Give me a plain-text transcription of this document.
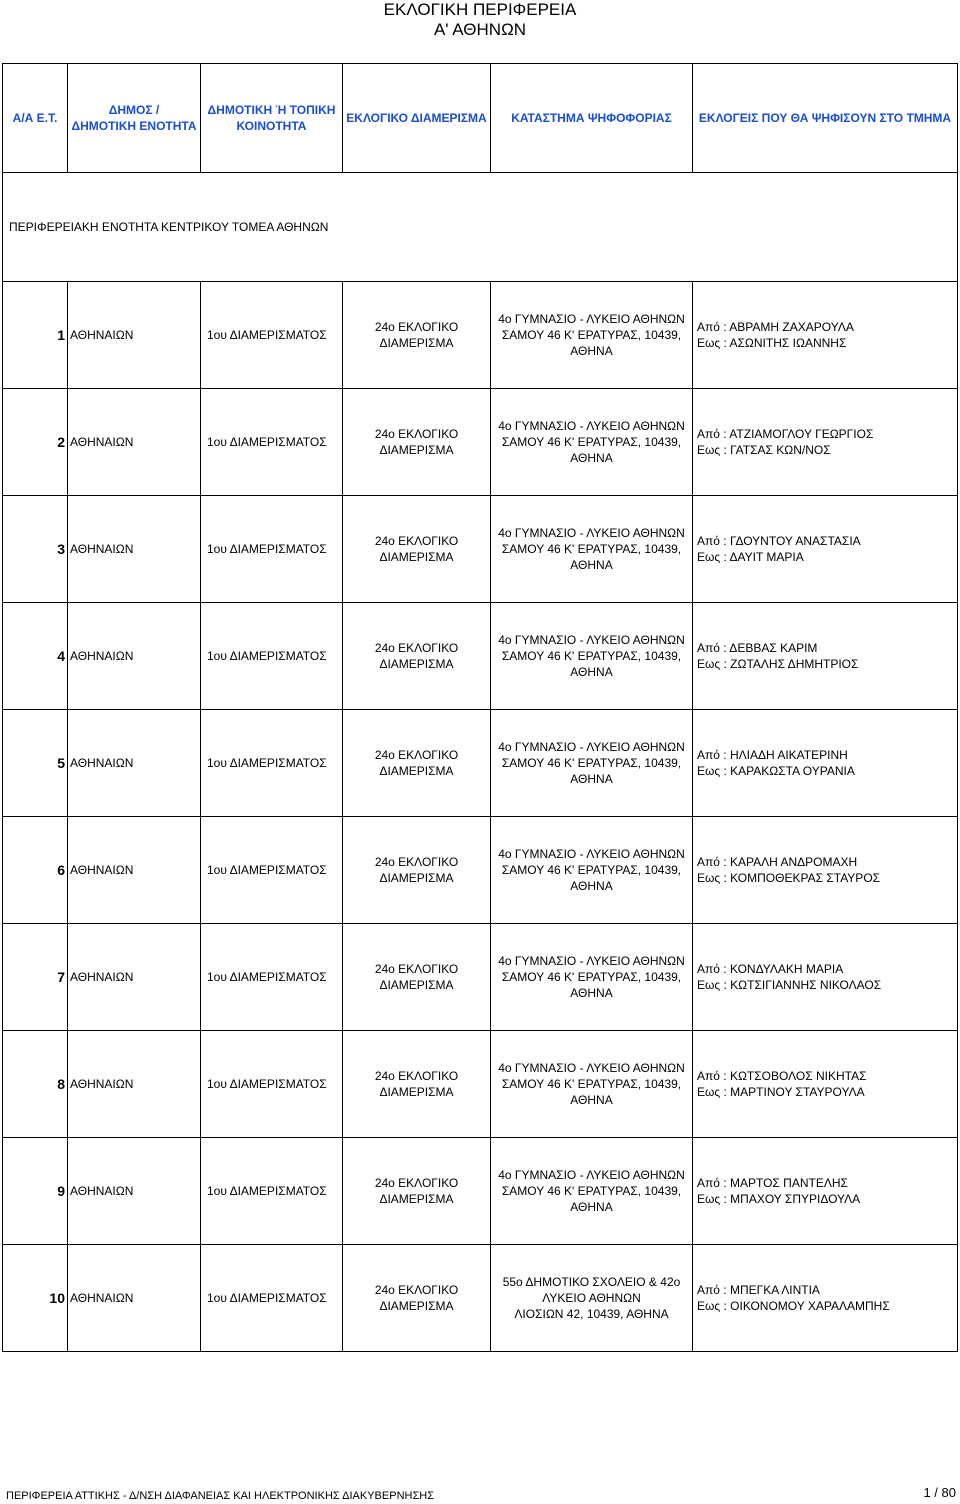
ΕΚΛΟΓΙΚΗ ΠΕΡΙΦΕΡΕΙΑ
Α' ΑΘΗΝΩΝ
Α/Α Ε.Τ.	ΔΗΜΟΣ /
ΔΗΜΟΤΙΚΗ ΕΝΟΤΗΤΑ	ΔΗΜΟΤΙΚΗ Ή ΤΟΠΙΚΗ
ΚΟΙΝΟΤΗΤΑ	ΕΚΛΟΓΙΚΟ ΔΙΑΜΕΡΙΣΜΑ	ΚΑΤΑΣΤΗΜΑ ΨΗΦΟΦΟΡΙΑΣ	ΕΚΛΟΓΕΙΣ ΠΟΥ ΘΑ ΨΗΦΙΣΟΥΝ ΣΤΟ ΤΜΗΜΑ
ΠΕΡΙΦΕΡΕΙΑΚΗ ΕΝΟΤΗΤΑ ΚΕΝΤΡΙΚΟΥ ΤΟΜΕΑ ΑΘΗΝΩΝ					
1	ΑΘΗΝΑΙΩΝ	1ου ΔΙΑΜΕΡΙΣΜΑΤΟΣ	24ο ΕΚΛΟΓΙΚΟ
ΔΙΑΜΕΡΙΣΜΑ	4ο ΓΥΜΝΑΣΙΟ - ΛΥΚΕΙΟ ΑΘΗΝΩΝ
ΣΑΜΟΥ 46 Κ' ΕΡΑΤΥΡΑΣ, 10439,
ΑΘΗΝΑ	Από : ΑΒΡΑΜΗ ΖΑΧΑΡΟΥΛΑ
Εως : ΑΣΩΝΙΤΗΣ ΙΩΑΝΝΗΣ

2	ΑΘΗΝΑΙΩΝ	1ου ΔΙΑΜΕΡΙΣΜΑΤΟΣ	24ο ΕΚΛΟΓΙΚΟ
ΔΙΑΜΕΡΙΣΜΑ	4ο ΓΥΜΝΑΣΙΟ - ΛΥΚΕΙΟ ΑΘΗΝΩΝ
ΣΑΜΟΥ 46 Κ' ΕΡΑΤΥΡΑΣ, 10439,
ΑΘΗΝΑ	Από : ΑΤΖΙΑΜΟΓΛΟΥ ΓΕΩΡΓΙΟΣ
Εως : ΓΑΤΣΑΣ ΚΩΝ/ΝΟΣ

3	ΑΘΗΝΑΙΩΝ	1ου ΔΙΑΜΕΡΙΣΜΑΤΟΣ	24ο ΕΚΛΟΓΙΚΟ
ΔΙΑΜΕΡΙΣΜΑ	4ο ΓΥΜΝΑΣΙΟ - ΛΥΚΕΙΟ ΑΘΗΝΩΝ
ΣΑΜΟΥ 46 Κ' ΕΡΑΤΥΡΑΣ, 10439,
ΑΘΗΝΑ	Από : ΓΔΟΥΝΤΟΥ ΑΝΑΣΤΑΣΙΑ
Εως : ΔΑΥΙΤ ΜΑΡΙΑ

4	ΑΘΗΝΑΙΩΝ	1ου ΔΙΑΜΕΡΙΣΜΑΤΟΣ	24ο ΕΚΛΟΓΙΚΟ
ΔΙΑΜΕΡΙΣΜΑ	4ο ΓΥΜΝΑΣΙΟ - ΛΥΚΕΙΟ ΑΘΗΝΩΝ
ΣΑΜΟΥ 46 Κ' ΕΡΑΤΥΡΑΣ, 10439,
ΑΘΗΝΑ	Από : ΔΕΒΒΑΣ ΚΑΡΙΜ
Εως : ΖΩΤΑΛΗΣ ΔΗΜΗΤΡΙΟΣ

5	ΑΘΗΝΑΙΩΝ	1ου ΔΙΑΜΕΡΙΣΜΑΤΟΣ	24ο ΕΚΛΟΓΙΚΟ
ΔΙΑΜΕΡΙΣΜΑ	4ο ΓΥΜΝΑΣΙΟ - ΛΥΚΕΙΟ ΑΘΗΝΩΝ
ΣΑΜΟΥ 46 Κ' ΕΡΑΤΥΡΑΣ, 10439,
ΑΘΗΝΑ	Από : ΗΛΙΑΔΗ ΑΙΚΑΤΕΡΙΝΗ
Εως : ΚΑΡΑΚΩΣΤΑ ΟΥΡΑΝΙΑ

6	ΑΘΗΝΑΙΩΝ	1ου ΔΙΑΜΕΡΙΣΜΑΤΟΣ	24ο ΕΚΛΟΓΙΚΟ
ΔΙΑΜΕΡΙΣΜΑ	4ο ΓΥΜΝΑΣΙΟ - ΛΥΚΕΙΟ ΑΘΗΝΩΝ
ΣΑΜΟΥ 46 Κ' ΕΡΑΤΥΡΑΣ, 10439,
ΑΘΗΝΑ	Από : ΚΑΡΑΛΗ ΑΝΔΡΟΜΑΧΗ
Εως : ΚΟΜΠΟΘΕΚΡΑΣ ΣΤΑΥΡΟΣ

7	ΑΘΗΝΑΙΩΝ	1ου ΔΙΑΜΕΡΙΣΜΑΤΟΣ	24ο ΕΚΛΟΓΙΚΟ
ΔΙΑΜΕΡΙΣΜΑ	4ο ΓΥΜΝΑΣΙΟ - ΛΥΚΕΙΟ ΑΘΗΝΩΝ
ΣΑΜΟΥ 46 Κ' ΕΡΑΤΥΡΑΣ, 10439,
ΑΘΗΝΑ	Από : ΚΟΝΔΥΛΑΚΗ ΜΑΡΙΑ
Εως : ΚΩΤΣΙΓΙΑΝΝΗΣ ΝΙΚΟΛΑΟΣ

8	ΑΘΗΝΑΙΩΝ	1ου ΔΙΑΜΕΡΙΣΜΑΤΟΣ	24ο ΕΚΛΟΓΙΚΟ
ΔΙΑΜΕΡΙΣΜΑ	4ο ΓΥΜΝΑΣΙΟ - ΛΥΚΕΙΟ ΑΘΗΝΩΝ
ΣΑΜΟΥ 46 Κ' ΕΡΑΤΥΡΑΣ, 10439,
ΑΘΗΝΑ	Από : ΚΩΤΣΟΒΟΛΟΣ ΝΙΚΗΤΑΣ
Εως : ΜΑΡΤΙΝΟΥ ΣΤΑΥΡΟΥΛΑ

9	ΑΘΗΝΑΙΩΝ	1ου ΔΙΑΜΕΡΙΣΜΑΤΟΣ	24ο ΕΚΛΟΓΙΚΟ
ΔΙΑΜΕΡΙΣΜΑ	4ο ΓΥΜΝΑΣΙΟ - ΛΥΚΕΙΟ ΑΘΗΝΩΝ
ΣΑΜΟΥ 46 Κ' ΕΡΑΤΥΡΑΣ, 10439,
ΑΘΗΝΑ	Από : ΜΑΡΤΟΣ ΠΑΝΤΕΛΗΣ
Εως : ΜΠΑΧΟΥ ΣΠΥΡΙΔΟΥΛΑ

10	ΑΘΗΝΑΙΩΝ	1ου ΔΙΑΜΕΡΙΣΜΑΤΟΣ	24ο ΕΚΛΟΓΙΚΟ
ΔΙΑΜΕΡΙΣΜΑ	55ο ΔΗΜΟΤΙΚΟ ΣΧΟΛΕΙΟ & 42ο
ΛΥΚΕΙΟ ΑΘΗΝΩΝ
ΛΙΟΣΙΩΝ 42, 10439, ΑΘΗΝΑ	Από : ΜΠΕΓΚΑ ΛΙΝΤΙΑ
Εως : ΟΙΚΟΝΟΜΟΥ ΧΑΡΑΛΑΜΠΗΣ
ΠΕΡΙΦΕΡΕΙΑ ΑΤΤΙΚΗΣ - Δ/ΝΣΗ ΔΙΑΦΑΝΕΙΑΣ ΚΑΙ ΗΛΕΚΤΡΟΝΙΚΗΣ ΔΙΑΚΥΒΕΡΝΗΣΗΣ	1 / 80
